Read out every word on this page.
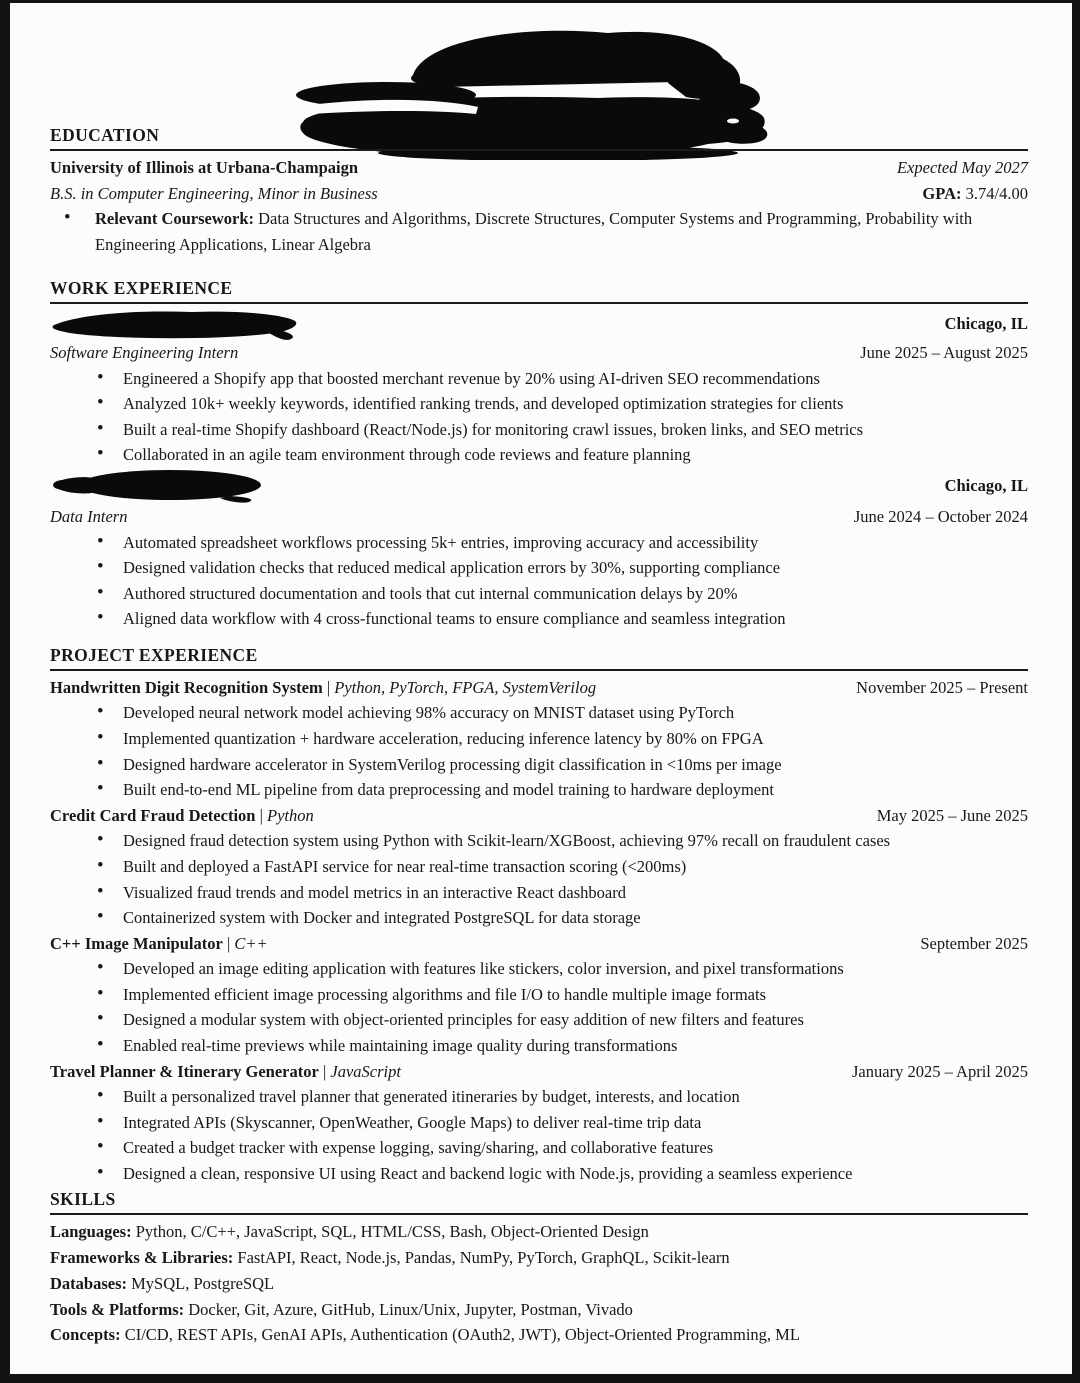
EDUCATION
University of Illinois at Urbana-Champaign	Expected May 2027
B.S. in Computer Engineering, Minor in Business	GPA: 3.74/4.00
• Relevant Coursework: Data Structures and Algorithms, Discrete Structures, Computer Systems and Programming, Probability with Engineering Applications, Linear Algebra
WORK EXPERIENCE
Chicago, IL
Software Engineering Intern	June 2025 – August 2025
• Engineered a Shopify app that boosted merchant revenue by 20% using AI-driven SEO recommendations
• Analyzed 10k+ weekly keywords, identified ranking trends, and developed optimization strategies for clients
• Built a real-time Shopify dashboard (React/Node.js) for monitoring crawl issues, broken links, and SEO metrics
• Collaborated in an agile team environment through code reviews and feature planning
Chicago, IL
Data Intern	June 2024 – October 2024
• Automated spreadsheet workflows processing 5k+ entries, improving accuracy and accessibility
• Designed validation checks that reduced medical application errors by 30%, supporting compliance
• Authored structured documentation and tools that cut internal communication delays by 20%
• Aligned data workflow with 4 cross-functional teams to ensure compliance and seamless integration
PROJECT EXPERIENCE
Handwritten Digit Recognition System | Python, PyTorch, FPGA, SystemVerilog	November 2025 – Present
• Developed neural network model achieving 98% accuracy on MNIST dataset using PyTorch
• Implemented quantization + hardware acceleration, reducing inference latency by 80% on FPGA
• Designed hardware accelerator in SystemVerilog processing digit classification in <10ms per image
• Built end-to-end ML pipeline from data preprocessing and model training to hardware deployment
Credit Card Fraud Detection | Python	May 2025 – June 2025
• Designed fraud detection system using Python with Scikit-learn/XGBoost, achieving 97% recall on fraudulent cases
• Built and deployed a FastAPI service for near real-time transaction scoring (<200ms)
• Visualized fraud trends and model metrics in an interactive React dashboard
• Containerized system with Docker and integrated PostgreSQL for data storage
C++ Image Manipulator | C++	September 2025
• Developed an image editing application with features like stickers, color inversion, and pixel transformations
• Implemented efficient image processing algorithms and file I/O to handle multiple image formats
• Designed a modular system with object-oriented principles for easy addition of new filters and features
• Enabled real-time previews while maintaining image quality during transformations
Travel Planner & Itinerary Generator | JavaScript	January 2025 – April 2025
• Built a personalized travel planner that generated itineraries by budget, interests, and location
• Integrated APIs (Skyscanner, OpenWeather, Google Maps) to deliver real-time trip data
• Created a budget tracker with expense logging, saving/sharing, and collaborative features
• Designed a clean, responsive UI using React and backend logic with Node.js, providing a seamless experience
SKILLS
Languages: Python, C/C++, JavaScript, SQL, HTML/CSS, Bash, Object-Oriented Design
Frameworks & Libraries: FastAPI, React, Node.js, Pandas, NumPy, PyTorch, GraphQL, Scikit-learn
Databases: MySQL, PostgreSQL
Tools & Platforms: Docker, Git, Azure, GitHub, Linux/Unix, Jupyter, Postman, Vivado
Concepts: CI/CD, REST APIs, GenAI APIs, Authentication (OAuth2, JWT), Object-Oriented Programming, ML
